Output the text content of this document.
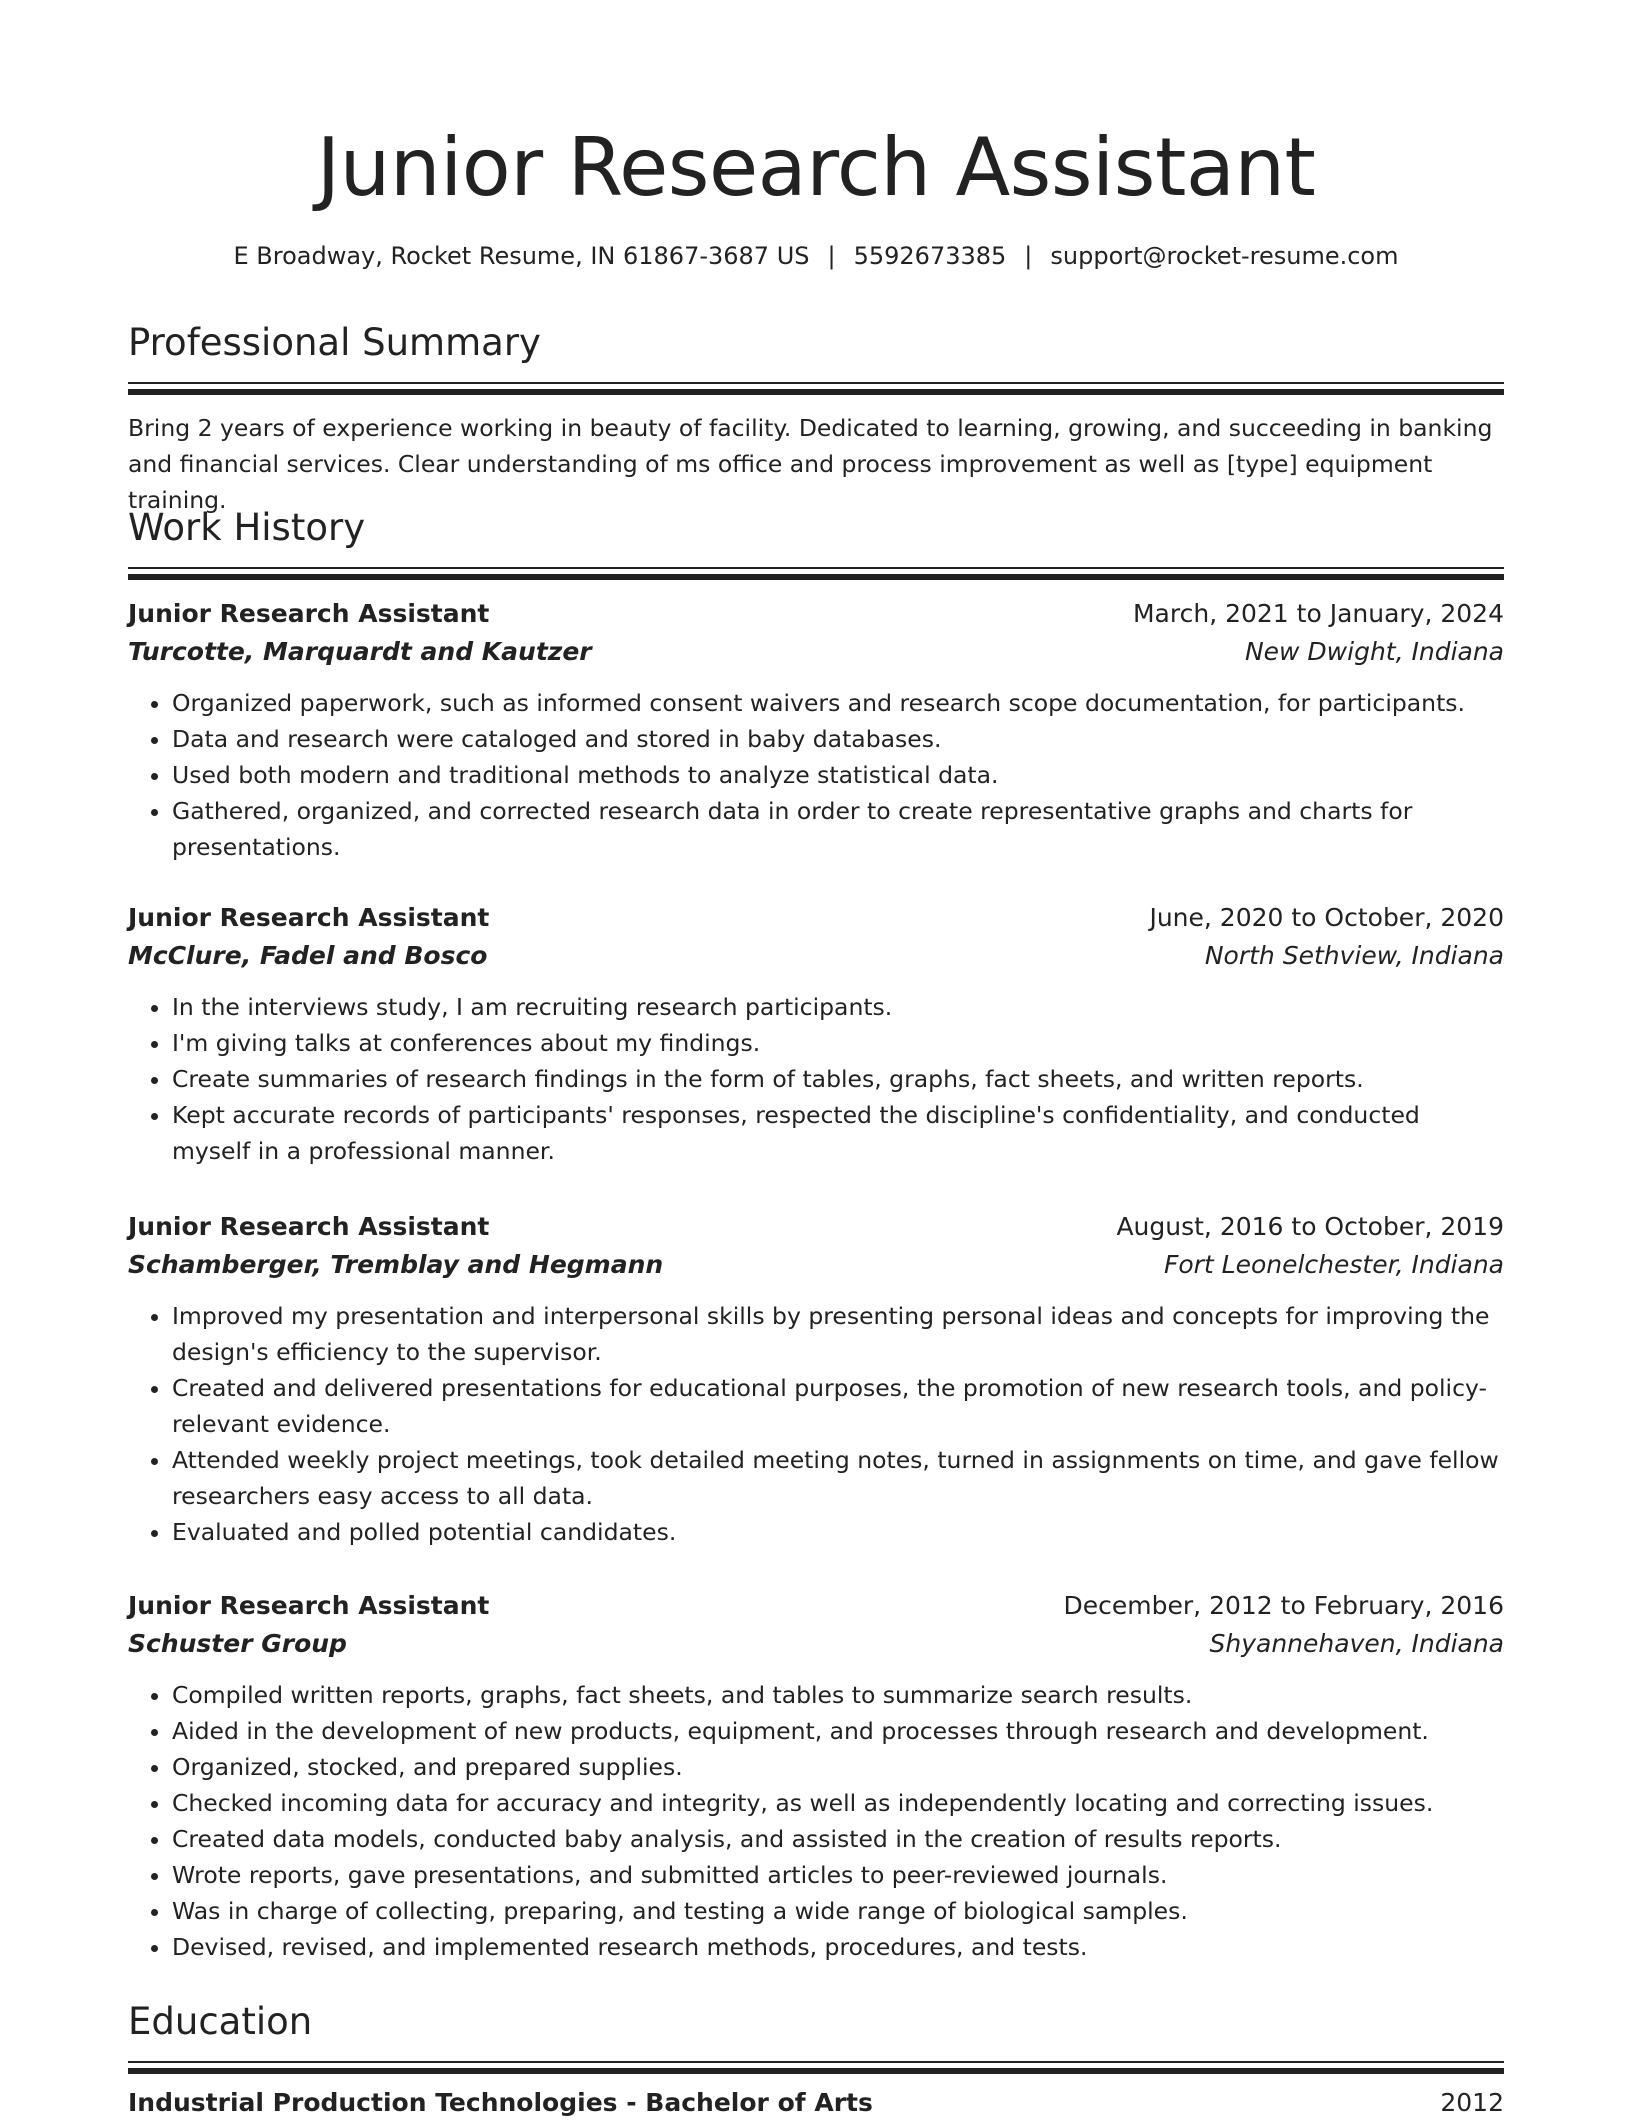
Junior Research Assistant
E Broadway, Rocket Resume, IN 61867-3687 US | 5592673385 | support@rocket-resume.com
Professional Summary

Bring 2 years of experience working in beauty of facility. Dedicated to learning, growing, and succeeding in banking and financial services. Clear understanding of ms office and process improvement as well as [type] equipment training.

Work History
Junior Research Assistant	March, 2021 to January, 2024
Turcotte, Marquardt and Kautzer	New Dwight, Indiana
• Organized paperwork, such as informed consent waivers and research scope documentation, for participants.
• Data and research were cataloged and stored in baby databases.
• Used both modern and traditional methods to analyze statistical data.
• Gathered, organized, and corrected research data in order to create representative graphs and charts for presentations.
Junior Research Assistant	June, 2020 to October, 2020
McClure, Fadel and Bosco	North Sethview, Indiana
• In the interviews study, I am recruiting research participants.
• I'm giving talks at conferences about my findings.
• Create summaries of research findings in the form of tables, graphs, fact sheets, and written reports.
• Kept accurate records of participants' responses, respected the discipline's confidentiality, and conducted myself in a professional manner.
Junior Research Assistant	August, 2016 to October, 2019
Schamberger, Tremblay and Hegmann	Fort Leonelchester, Indiana
• Improved my presentation and interpersonal skills by presenting personal ideas and concepts for improving the design's efficiency to the supervisor.
• Created and delivered presentations for educational purposes, the promotion of new research tools, and policy-relevant evidence.
• Attended weekly project meetings, took detailed meeting notes, turned in assignments on time, and gave fellow researchers easy access to all data.
• Evaluated and polled potential candidates.
Junior Research Assistant	December, 2012 to February, 2016
Schuster Group	Shyannehaven, Indiana
• Compiled written reports, graphs, fact sheets, and tables to summarize search results.
• Aided in the development of new products, equipment, and processes through research and development.
• Organized, stocked, and prepared supplies.
• Checked incoming data for accuracy and integrity, as well as independently locating and correcting issues.
• Created data models, conducted baby analysis, and assisted in the creation of results reports.
• Wrote reports, gave presentations, and submitted articles to peer-reviewed journals.
• Was in charge of collecting, preparing, and testing a wide range of biological samples.
• Devised, revised, and implemented research methods, procedures, and tests.
Education
Industrial Production Technologies - Bachelor of Arts	2012
